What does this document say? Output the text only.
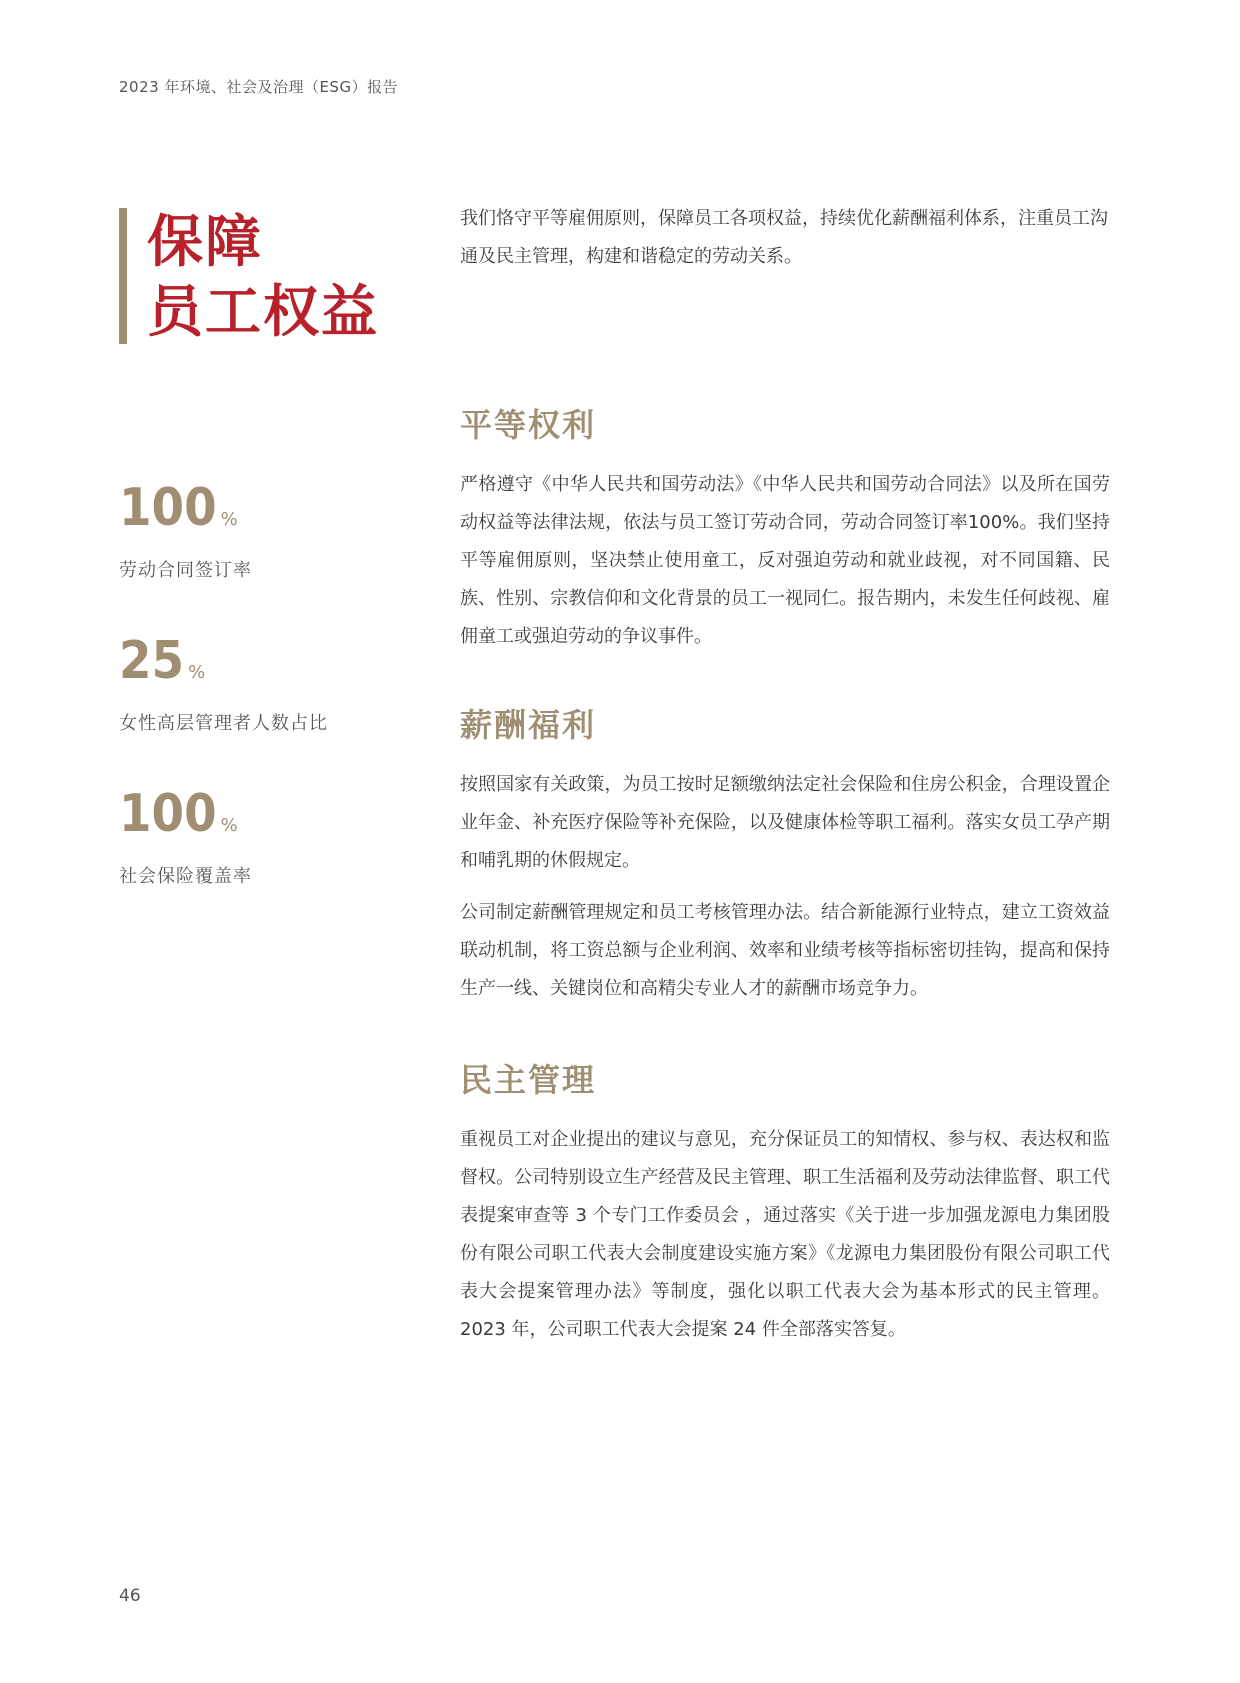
2023 年环境、社会及治理（ESG）报告
保障
员工权益
我们恪守平等雇佣原则，保障员工各项权益，持续优化薪酬福利体系，注重员工沟通及民主管理，构建和谐稳定的劳动关系。
100 %
劳动合同签订率
25 %
女性高层管理者人数占比
100 %
社会保险覆盖率
平等权利
严格遵守《中华人民共和国劳动法》《中华人民共和国劳动合同法》以及所在国劳动权益等法律法规，依法与员工签订劳动合同，劳动合同签订率100%。我们坚持平等雇佣原则，坚决禁止使用童工，反对强迫劳动和就业歧视，对不同国籍、民族、性别、宗教信仰和文化背景的员工一视同仁。报告期内，未发生任何歧视、雇佣童工或强迫劳动的争议事件。
薪酬福利
按照国家有关政策，为员工按时足额缴纳法定社会保险和住房公积金，合理设置企业年金、补充医疗保险等补充保险，以及健康体检等职工福利。落实女员工孕产期和哺乳期的休假规定。
公司制定薪酬管理规定和员工考核管理办法。结合新能源行业特点，建立工资效益联动机制，将工资总额与企业利润、效率和业绩考核等指标密切挂钩，提高和保持生产一线、关键岗位和高精尖专业人才的薪酬市场竞争力。
民主管理
重视员工对企业提出的建议与意见，充分保证员工的知情权、参与权、表达权和监督权。公司特别设立生产经营及民主管理、职工生活福利及劳动法律监督、职工代表提案审查等 3 个专门工作委员会 ，通过落实《关于进一步加强龙源电力集团股份有限公司职工代表大会制度建设实施方案》《龙源电力集团股份有限公司职工代表大会提案管理办法》等制度，强化以职工代表大会为基本形式的民主管理。2023 年，公司职工代表大会提案 24 件全部落实答复。
46
